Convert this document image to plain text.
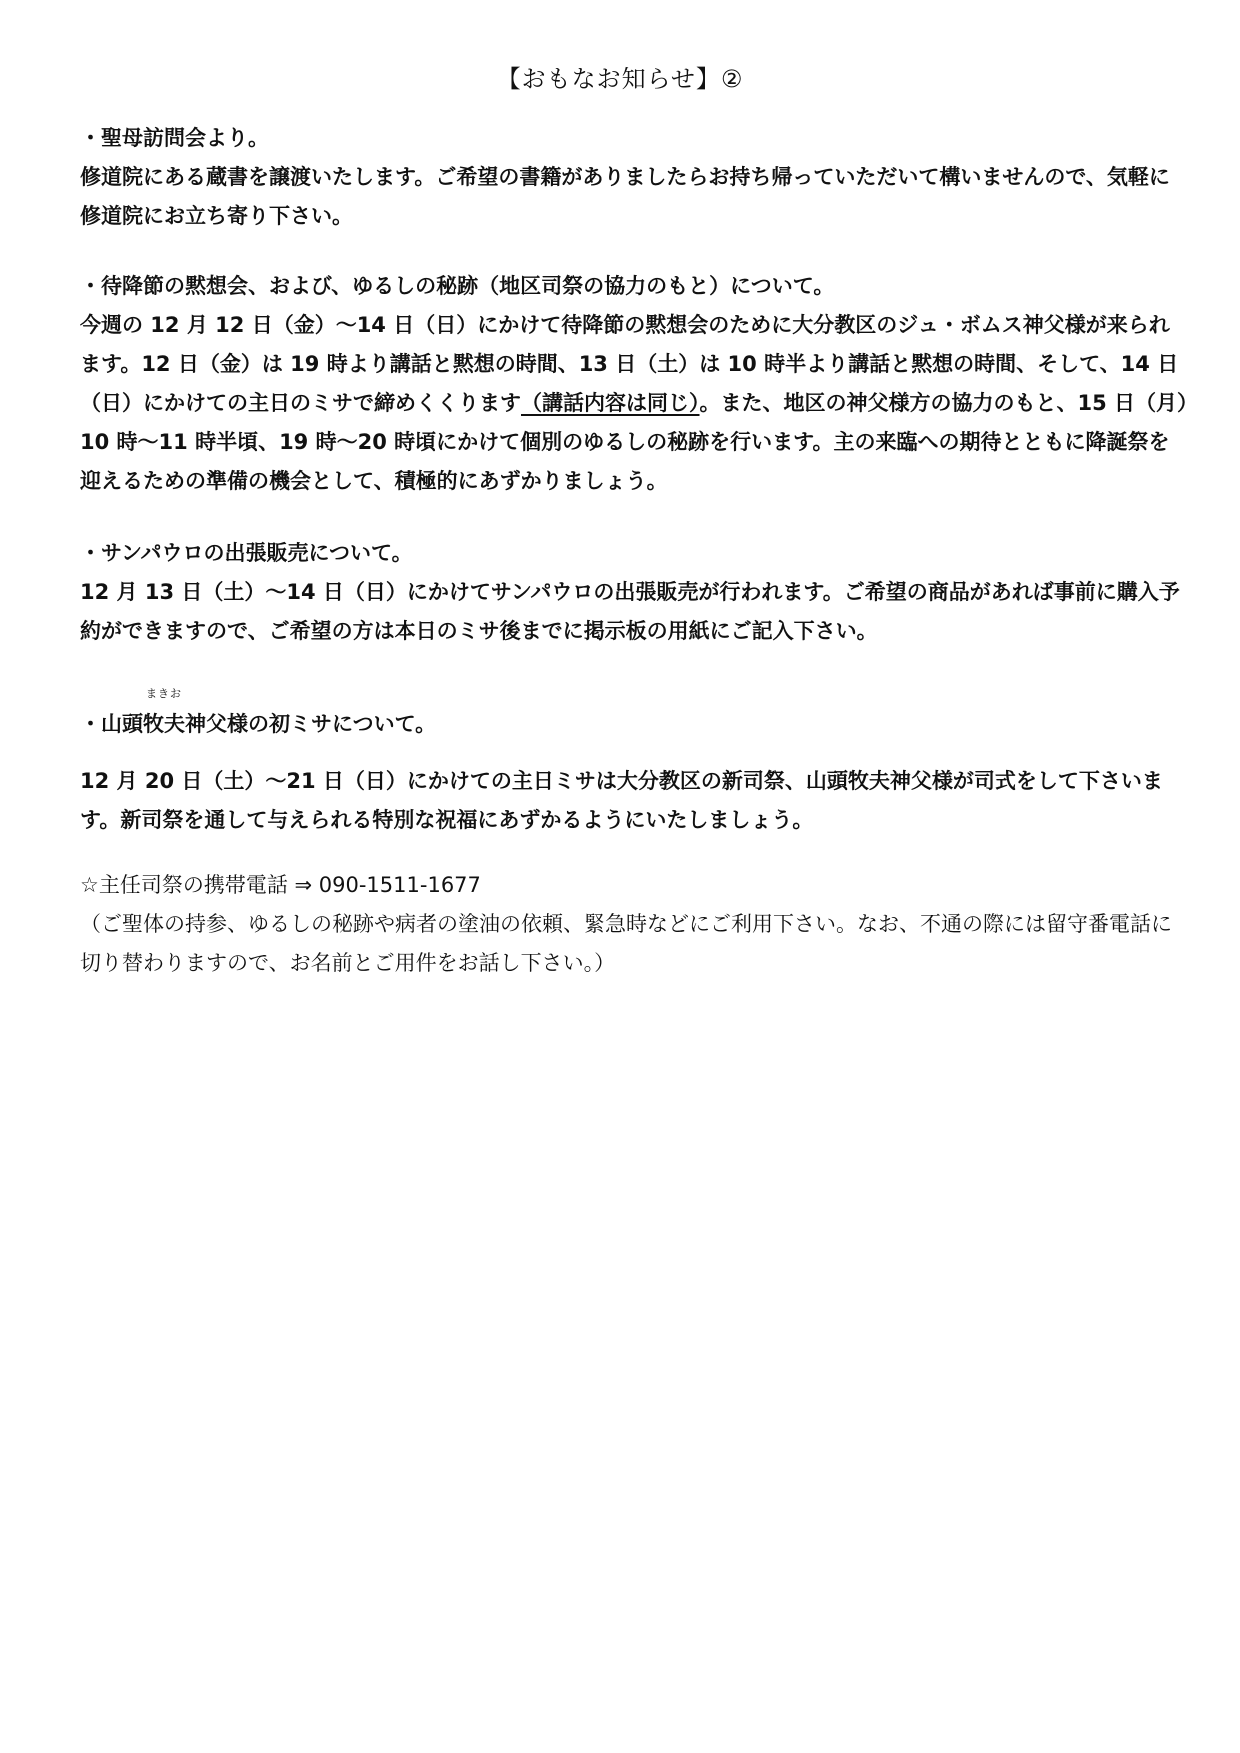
【おもなお知らせ】②

・聖母訪問会より。

修道院にある蔵書を譲渡いたします。ご希望の書籍がありましたらお持ち帰っていただいて構いませんので、気軽に修道院にお立ち寄り下さい。

・待降節の黙想会、および、ゆるしの秘跡（地区司祭の協力のもと）について。

今週の 12 月 12 日（金）～14 日（日）にかけて待降節の黙想会のために大分教区のジュ・ボムス神父様が来られます。12 日（金）は 19 時より講話と黙想の時間、13 日（土）は 10 時半より講話と黙想の時間、そして、14 日（日）にかけての主日のミサで締めくくります（講話内容は同じ）。また、地区の神父様方の協力のもと、15 日（月）10 時～11 時半頃、19 時～20 時頃にかけて個別のゆるしの秘跡を行います。主の来臨への期待とともに降誕祭を迎えるための準備の機会として、積極的にあずかりましょう。

・サンパウロの出張販売について。

12 月 13 日（土）～14 日（日）にかけてサンパウロの出張販売が行われます。ご希望の商品があれば事前に購入予約ができますので、ご希望の方は本日のミサ後までに掲示板の用紙にご記入下さい。

・山頭
まきお
牧夫神父様の初ミサについて。

12 月 20 日（土）～21 日（日）にかけての主日ミサは大分教区の新司祭、山頭牧夫神父様が司式をして下さいます。新司祭を通して与えられる特別な祝福にあずかるようにいたしましょう。

☆主任司祭の携帯電話 ⇒ 090-1511-1677

（ご聖体の持参、ゆるしの秘跡や病者の塗油の依頼、緊急時などにご利用下さい。なお、不通の際には留守番電話に切り替わりますので、お名前とご用件をお話し下さい。）
